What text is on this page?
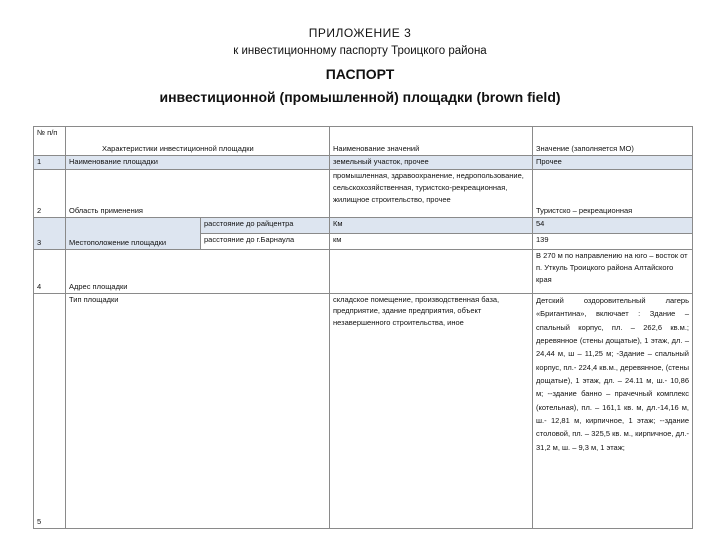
ПРИЛОЖЕНИЕ 3
к инвестиционному паспорту Троицкого района
ПАСПОРТ
инвестиционной (промышленной) площадки (brown field)
№ п/п	Характеристики инвестиционной площадки		Наименование значений	Значение (заполняется МО)
1	Наименование площадки		земельный участок, прочее	Прочее
2	Область применения		промышленная, здравоохранение, недропользование, сельскохозяйственная, туристско-рекреационная, жилищное строительство, прочее	Туристско – рекреационная
3	Местоположение площадки	расстояние до райцентра	Км	54
		расстояние до г.Барнаула	км	139
4	Адрес площадки			В 270 м по направлению на юго – восток от п. Уткуль Троицкого района Алтайского края
5	Тип площадки		складское помещение, производственная база, предприятие, здание предприятия, объект незавершенного строительства, иное	Детский оздоровительный лагерь «Бригантина», включает : Здание – спальный корпус, пл. – 262,6 кв.м.; деревянное (стены дощатые), 1 этаж, дл. – 24,44 м, ш – 11,25 м; -Здание – спальный корпус, пл.- 224,4 кв.м., деревянное, (стены дощатые), 1 этаж, дл. – 24.11 м, ш.- 10,86 м; --здание банно – прачечный комплекс (котельная), пл. – 161,1 кв. м, дл.-14,16 м, ш.- 12,81 м, кирпичное, 1 этаж; --здание столовой, пл. – 325,5 кв. м., кирпичное, дл.- 31,2 м, ш. – 9,3 м, 1 этаж;
